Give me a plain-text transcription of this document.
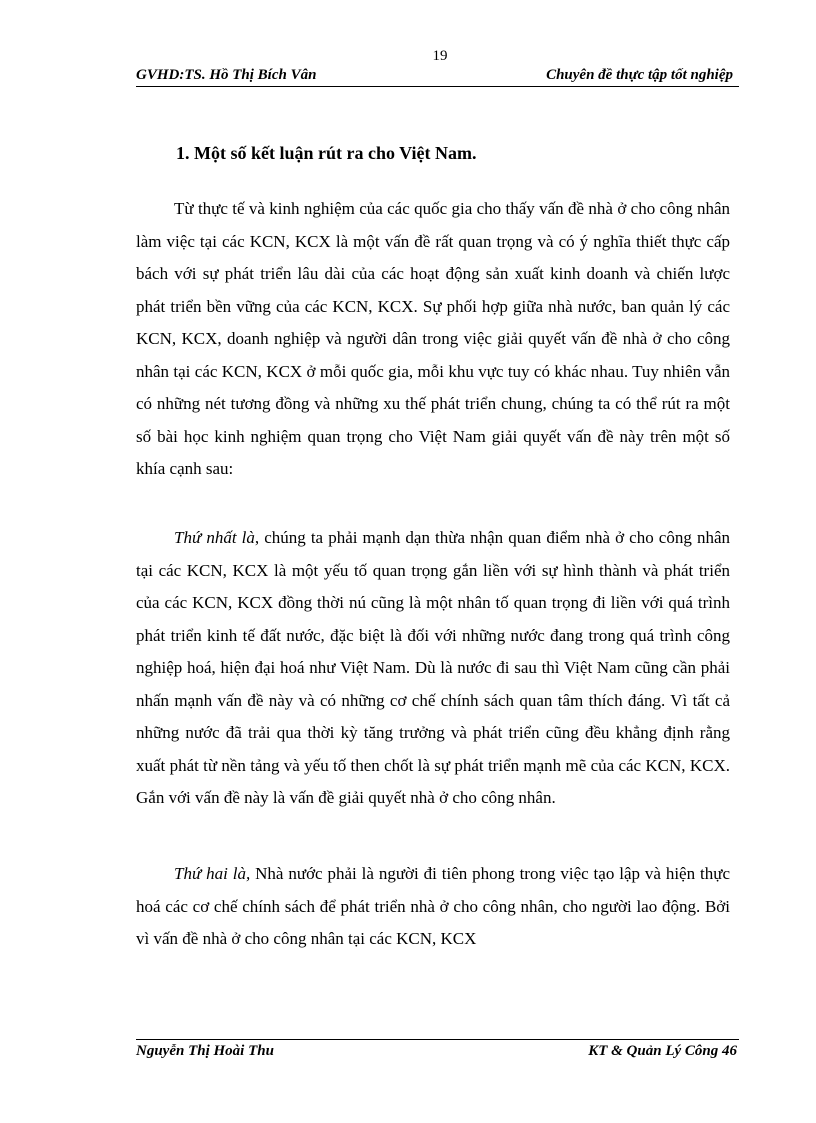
19
GVHD:TS. Hồ Thị Bích Vân	Chuyên đề thực tập tốt nghiệp
1. Một số kết luận rút ra cho Việt Nam.

Từ thực tế và kinh nghiệm của các quốc gia cho thấy vấn đề nhà ở cho công nhân làm việc tại các KCN, KCX là một vấn đề rất quan trọng và có ý nghĩa thiết thực cấp bách với sự phát triển lâu dài của các hoạt động sản xuất kinh doanh và chiến lược phát triển bền vững của các KCN, KCX. Sự phối hợp giữa nhà nước, ban quản lý các KCN, KCX, doanh nghiệp và người dân trong việc giải quyết vấn đề nhà ở cho công nhân tại các KCN, KCX ở mỗi quốc gia, mỗi khu vực tuy có khác nhau. Tuy nhiên vẫn có những nét tương đồng và những xu thế phát triển chung, chúng ta có thể rút ra một số bài học kinh nghiệm quan trọng cho Việt Nam giải quyết vấn đề này trên một số khía cạnh sau:

Thứ nhất là, chúng ta phải mạnh dạn thừa nhận quan điểm nhà ở cho công nhân tại các KCN, KCX là một yếu tố quan trọng gắn liền với sự hình thành và phát triển của các KCN, KCX đồng thời nú cũng là một nhân tố quan trọng đi liền với quá trình phát triển kinh tế đất nước, đặc biệt là đối với những nước đang trong quá trình công nghiệp hoá, hiện đại hoá như Việt Nam. Dù là nước đi sau thì Việt Nam cũng cần phải nhấn mạnh vấn đề này và có những cơ chế chính sách quan tâm thích đáng. Vì tất cả những nước đã trải qua thời kỳ tăng trưởng và phát triển cũng đều khẳng định rằng xuất phát từ nền tảng và yếu tố then chốt là sự phát triển mạnh mẽ của các KCN, KCX. Gắn với vấn đề này là vấn đề giải quyết nhà ở cho công nhân.

Thứ hai là, Nhà nước phải là người đi tiên phong trong việc tạo lập và hiện thực hoá các cơ chế chính sách để phát triển nhà ở cho công nhân, cho người lao động. Bởi vì vấn đề nhà ở cho công nhân tại các KCN, KCX

Nguyễn Thị Hoài Thu	KT & Quản Lý Công 46
